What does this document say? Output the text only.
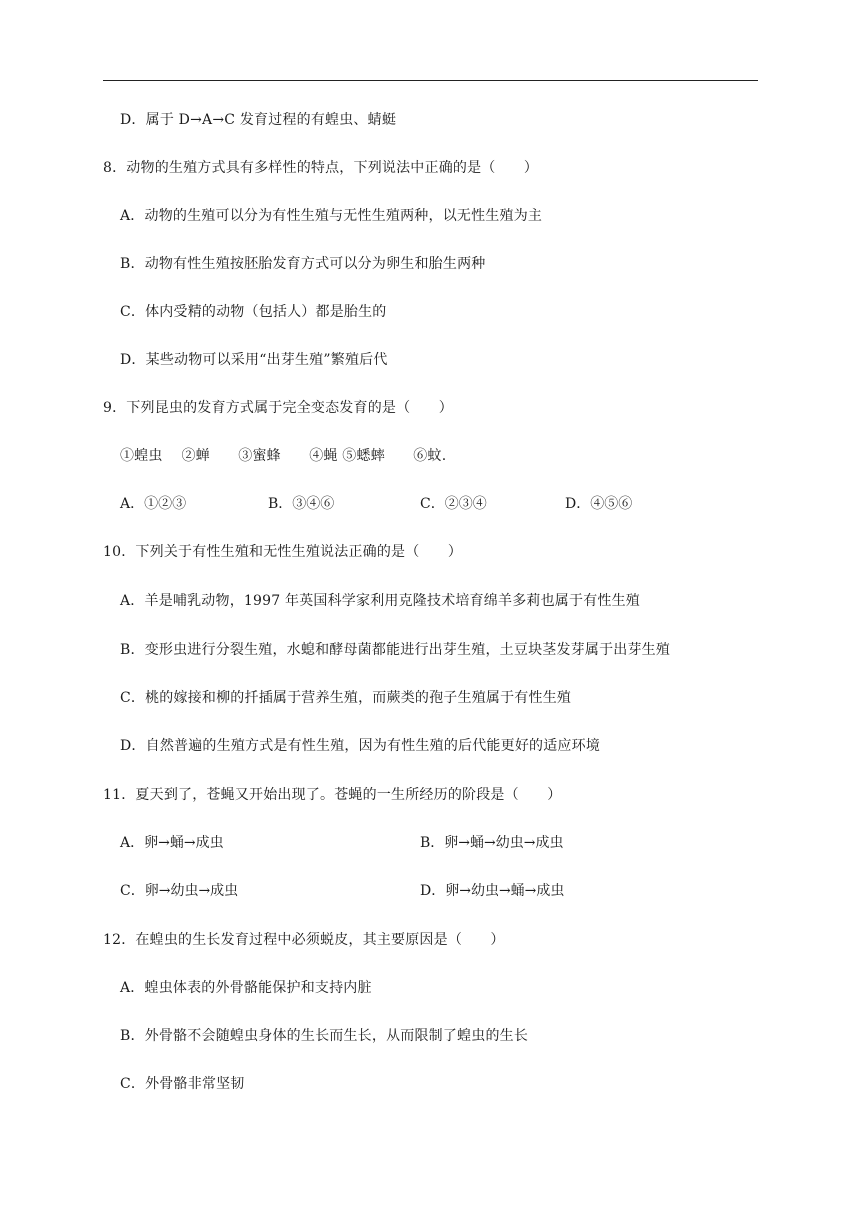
D．属于 D→A→C 发育过程的有蝗虫、蜻蜓
8．动物的生殖方式具有多样性的特点，下列说法中正确的是（　　）
A．动物的生殖可以分为有性生殖与无性生殖两种，以无性生殖为主
B．动物有性生殖按胚胎发育方式可以分为卵生和胎生两种
C．体内受精的动物（包括人）都是胎生的
D．某些动物可以采用“出芽生殖”繁殖后代
9．下列昆虫的发育方式属于完全变态发育的是（　　）
①蝗虫　 ②蝉　　③蜜蜂　　④蝇 ⑤蟋蟀　　⑥蚊.
A．①②③	B．③④⑥	C．②③④	D．④⑤⑥
10．下列关于有性生殖和无性生殖说法正确的是（　　）
A．羊是哺乳动物，1997 年英国科学家利用克隆技术培育绵羊多莉也属于有性生殖
B．变形虫进行分裂生殖，水螅和酵母菌都能进行出芽生殖，土豆块茎发芽属于出芽生殖
C．桃的嫁接和柳的扦插属于营养生殖，而蕨类的孢子生殖属于有性生殖
D．自然普遍的生殖方式是有性生殖，因为有性生殖的后代能更好的适应环境
11．夏天到了，苍蝇又开始出现了。苍蝇的一生所经历的阶段是（　　）
A．卵→蛹→成虫	B．卵→蛹→幼虫→成虫
C．卵→幼虫→成虫	D．卵→幼虫→蛹→成虫
12．在蝗虫的生长发育过程中必须蜕皮，其主要原因是（　　）
A．蝗虫体表的外骨骼能保护和支持内脏
B．外骨骼不会随蝗虫身体的生长而生长，从而限制了蝗虫的生长
C．外骨骼非常坚韧
